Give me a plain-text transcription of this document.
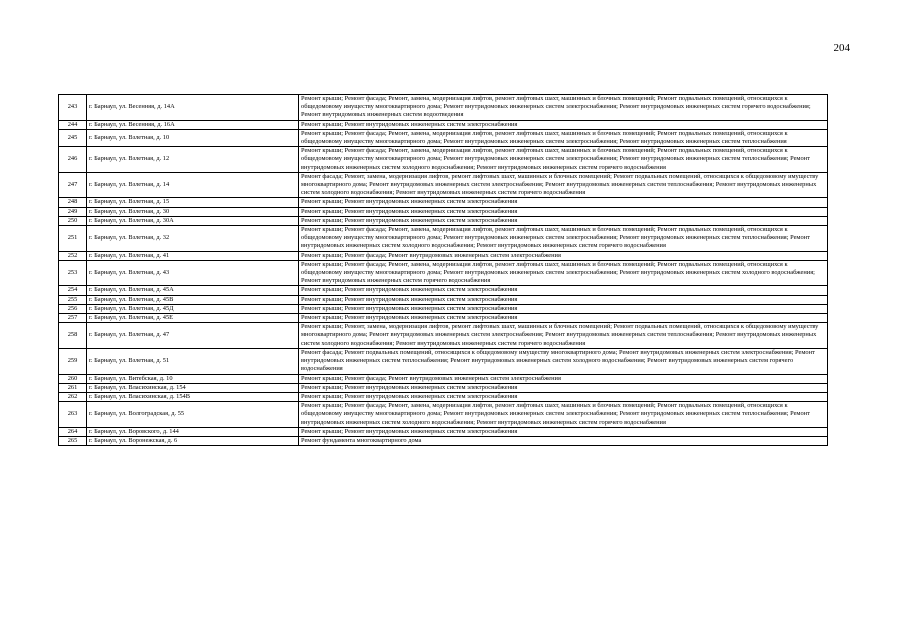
204
243	г. Барнаул, ул. Весенняя, д. 14А	Ремонт крыши; Ремонт фасада; Ремонт, замена, модернизация лифтов, ремонт лифтовых шахт, машинных и блочных помещений; Ремонт подвальных помещений, относящихся к общедомовому имуществу многоквартирного дома; Ремонт внутридомовых инженерных систем электроснабжения; Ремонт внутридомовых инженерных систем горячего водоснабжения; Ремонт внутридомовых инженерных систем водоотведения
244	г. Барнаул, ул. Весенняя, д. 16А	Ремонт крыши; Ремонт внутридомовых инженерных систем электроснабжения
245	г. Барнаул, ул. Взлетная, д. 10	Ремонт крыши; Ремонт фасада; Ремонт, замена, модернизация лифтов, ремонт лифтовых шахт, машинных и блочных помещений; Ремонт подвальных помещений, относящихся к общедомовому имуществу многоквартирного дома; Ремонт внутридомовых инженерных систем электроснабжения; Ремонт внутридомовых инженерных систем теплоснабжения
246	г. Барнаул, ул. Взлетная, д. 12	Ремонт крыши; Ремонт фасада; Ремонт, замена, модернизация лифтов, ремонт лифтовых шахт, машинных и блочных помещений; Ремонт подвальных помещений, относящихся к общедомовому имуществу многоквартирного дома; Ремонт внутридомовых инженерных систем электроснабжения; Ремонт внутридомовых инженерных систем теплоснабжения; Ремонт внутридомовых инженерных систем холодного водоснабжения; Ремонт внутридомовых инженерных систем горячего водоснабжения
247	г. Барнаул, ул. Взлетная, д. 14	Ремонт фасада; Ремонт, замена, модернизация лифтов, ремонт лифтовых шахт, машинных и блочных помещений; Ремонт подвальных помещений, относящихся к общедомовому имуществу многоквартирного дома; Ремонт внутридомовых инженерных систем электроснабжения; Ремонт внутридомовых инженерных систем теплоснабжения; Ремонт внутридомовых инженерных систем холодного водоснабжения; Ремонт внутридомовых инженерных систем горячего водоснабжения
248	г. Барнаул, ул. Взлетная, д. 15	Ремонт крыши; Ремонт внутридомовых инженерных систем электроснабжения
249	г. Барнаул, ул. Взлетная, д. 30	Ремонт крыши; Ремонт внутридомовых инженерных систем электроснабжения
250	г. Барнаул, ул. Взлетная, д. 30А	Ремонт крыши; Ремонт внутридомовых инженерных систем электроснабжения
251	г. Барнаул, ул. Взлетная, д. 32	Ремонт крыши; Ремонт фасада; Ремонт, замена, модернизация лифтов, ремонт лифтовых шахт, машинных и блочных помещений; Ремонт подвальных помещений, относящихся к общедомовому имуществу многоквартирного дома; Ремонт внутридомовых инженерных систем электроснабжения; Ремонт внутридомовых инженерных систем теплоснабжения; Ремонт внутридомовых инженерных систем холодного водоснабжения; Ремонт внутридомовых инженерных систем горячего водоснабжения
252	г. Барнаул, ул. Взлетная, д. 41	Ремонт крыши; Ремонт фасада; Ремонт внутридомовых инженерных систем электроснабжения
253	г. Барнаул, ул. Взлетная, д. 43	Ремонт крыши; Ремонт фасада; Ремонт, замена, модернизация лифтов, ремонт лифтовых шахт, машинных и блочных помещений; Ремонт подвальных помещений, относящихся к общедомовому имуществу многоквартирного дома; Ремонт внутридомовых инженерных систем электроснабжения; Ремонт внутридомовых инженерных систем холодного водоснабжения; Ремонт внутридомовых инженерных систем горячего водоснабжения
254	г. Барнаул, ул. Взлетная, д. 45А	Ремонт крыши; Ремонт внутридомовых инженерных систем электроснабжения
255	г. Барнаул, ул. Взлетная, д. 45В	Ремонт крыши; Ремонт внутридомовых инженерных систем электроснабжения
256	г. Барнаул, ул. Взлетная, д. 45Д	Ремонт крыши; Ремонт внутридомовых инженерных систем электроснабжения
257	г. Барнаул, ул. Взлетная, д. 45Е	Ремонт крыши; Ремонт внутридомовых инженерных систем электроснабжения
258	г. Барнаул, ул. Взлетная, д. 47	Ремонт крыши; Ремонт, замена, модернизация лифтов, ремонт лифтовых шахт, машинных и блочных помещений; Ремонт подвальных помещений, относящихся к общедомовому имуществу многоквартирного дома; Ремонт внутридомовых инженерных систем электроснабжения; Ремонт внутридомовых инженерных систем теплоснабжения; Ремонт внутридомовых инженерных систем холодного водоснабжения; Ремонт внутридомовых инженерных систем горячего водоснабжения
259	г. Барнаул, ул. Взлетная, д. 51	Ремонт фасада; Ремонт подвальных помещений, относящихся к общедомовому имуществу многоквартирного дома; Ремонт внутридомовых инженерных систем электроснабжения; Ремонт внутридомовых инженерных систем теплоснабжения; Ремонт внутридомовых инженерных систем холодного водоснабжения; Ремонт внутридомовых инженерных систем горячего водоснабжения
260	г. Барнаул, ул. Витебская, д. 10	Ремонт крыши; Ремонт фасада; Ремонт внутридомовых инженерных систем электроснабжения
261	г. Барнаул, ул. Власихинская, д. 154	Ремонт крыши; Ремонт внутридомовых инженерных систем электроснабжения
262	г. Барнаул, ул. Власихинская, д. 154В	Ремонт крыши; Ремонт внутридомовых инженерных систем электроснабжения
263	г. Барнаул, ул. Волгоградская, д. 55	Ремонт крыши; Ремонт фасада; Ремонт, замена, модернизация лифтов, ремонт лифтовых шахт, машинных и блочных помещений; Ремонт подвальных помещений, относящихся к общедомовому имуществу многоквартирного дома; Ремонт внутридомовых инженерных систем электроснабжения; Ремонт внутридомовых инженерных систем теплоснабжения; Ремонт внутридомовых инженерных систем холодного водоснабжения; Ремонт внутридомовых инженерных систем горячего водоснабжения
264	г. Барнаул, ул. Воровского, д. 144	Ремонт крыши; Ремонт внутридомовых инженерных систем электроснабжения
265	г. Барнаул, ул. Воронежская, д. 6	Ремонт фундамента многоквартирного дома
